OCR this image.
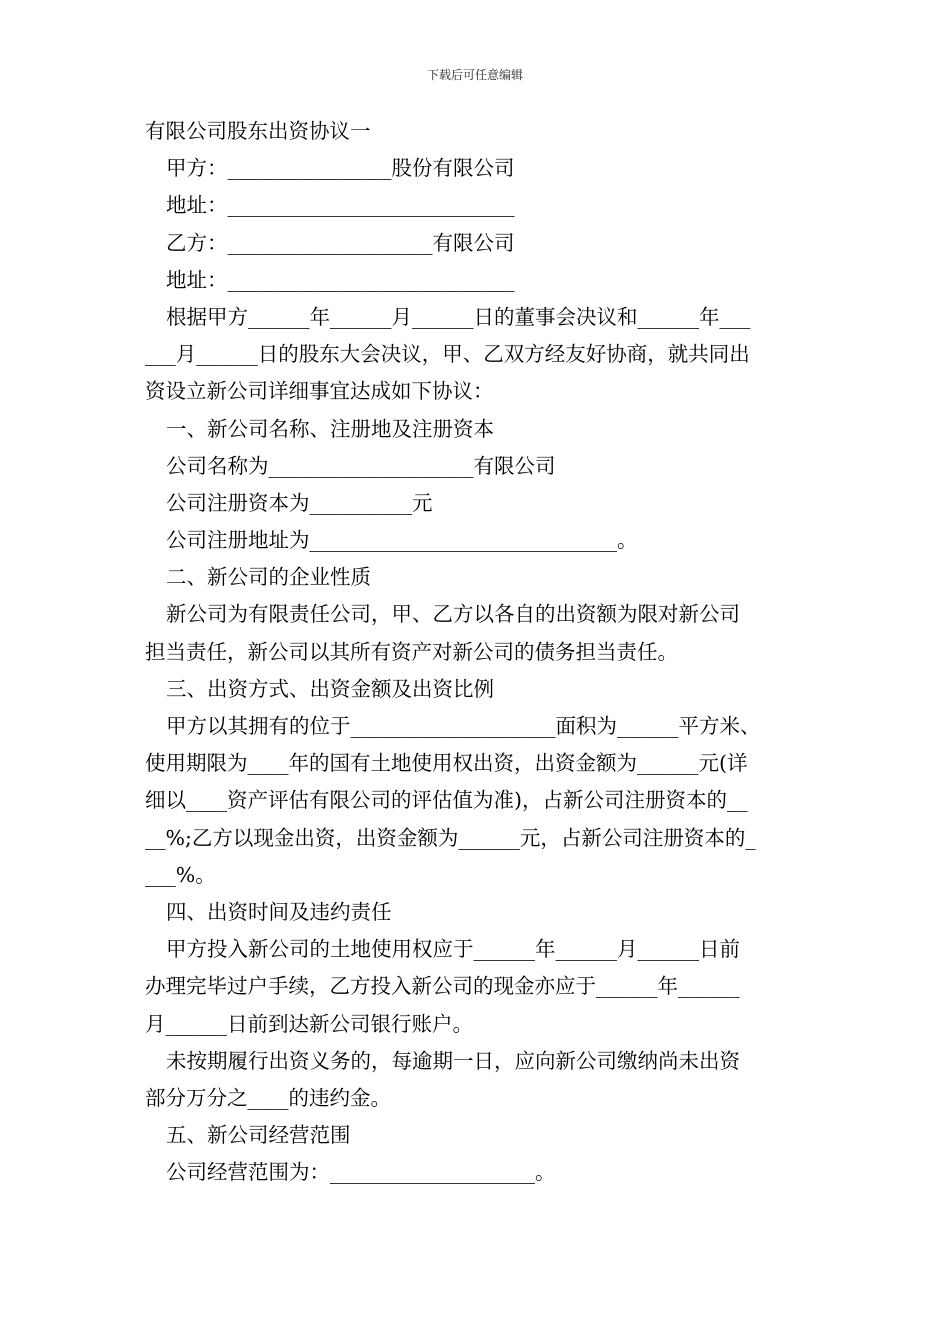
下载后可任意编辑
有限公司股东出资协议一
甲方：________________股份有限公司
地址：____________________________
乙方：____________________有限公司
地址：____________________________
根据甲方______年______月______日的董事会决议和______年___
___月______日的股东大会决议，甲、乙双方经友好协商，就共同出
资设立新公司详细事宜达成如下协议：
一、新公司名称、注册地及注册资本
公司名称为____________________有限公司
公司注册资本为__________元
公司注册地址为______________________________。
二、新公司的企业性质
新公司为有限责任公司，甲、乙方以各自的出资额为限对新公司
担当责任，新公司以其所有资产对新公司的债务担当责任。
三、出资方式、出资金额及出资比例
甲方以其拥有的位于____________________面积为______平方米、
使用期限为____年的国有土地使用权出资，出资金额为______元(详
细以____资产评估有限公司的评估值为准)，占新公司注册资本的__
__%;乙方以现金出资，出资金额为______元，占新公司注册资本的_
___%。
四、出资时间及违约责任
甲方投入新公司的土地使用权应于______年______月______日前
办理完毕过户手续，乙方投入新公司的现金亦应于______年______
月______日前到达新公司银行账户。
未按期履行出资义务的，每逾期一日，应向新公司缴纳尚未出资
部分万分之____的违约金。
五、新公司经营范围
公司经营范围为：____________________。
